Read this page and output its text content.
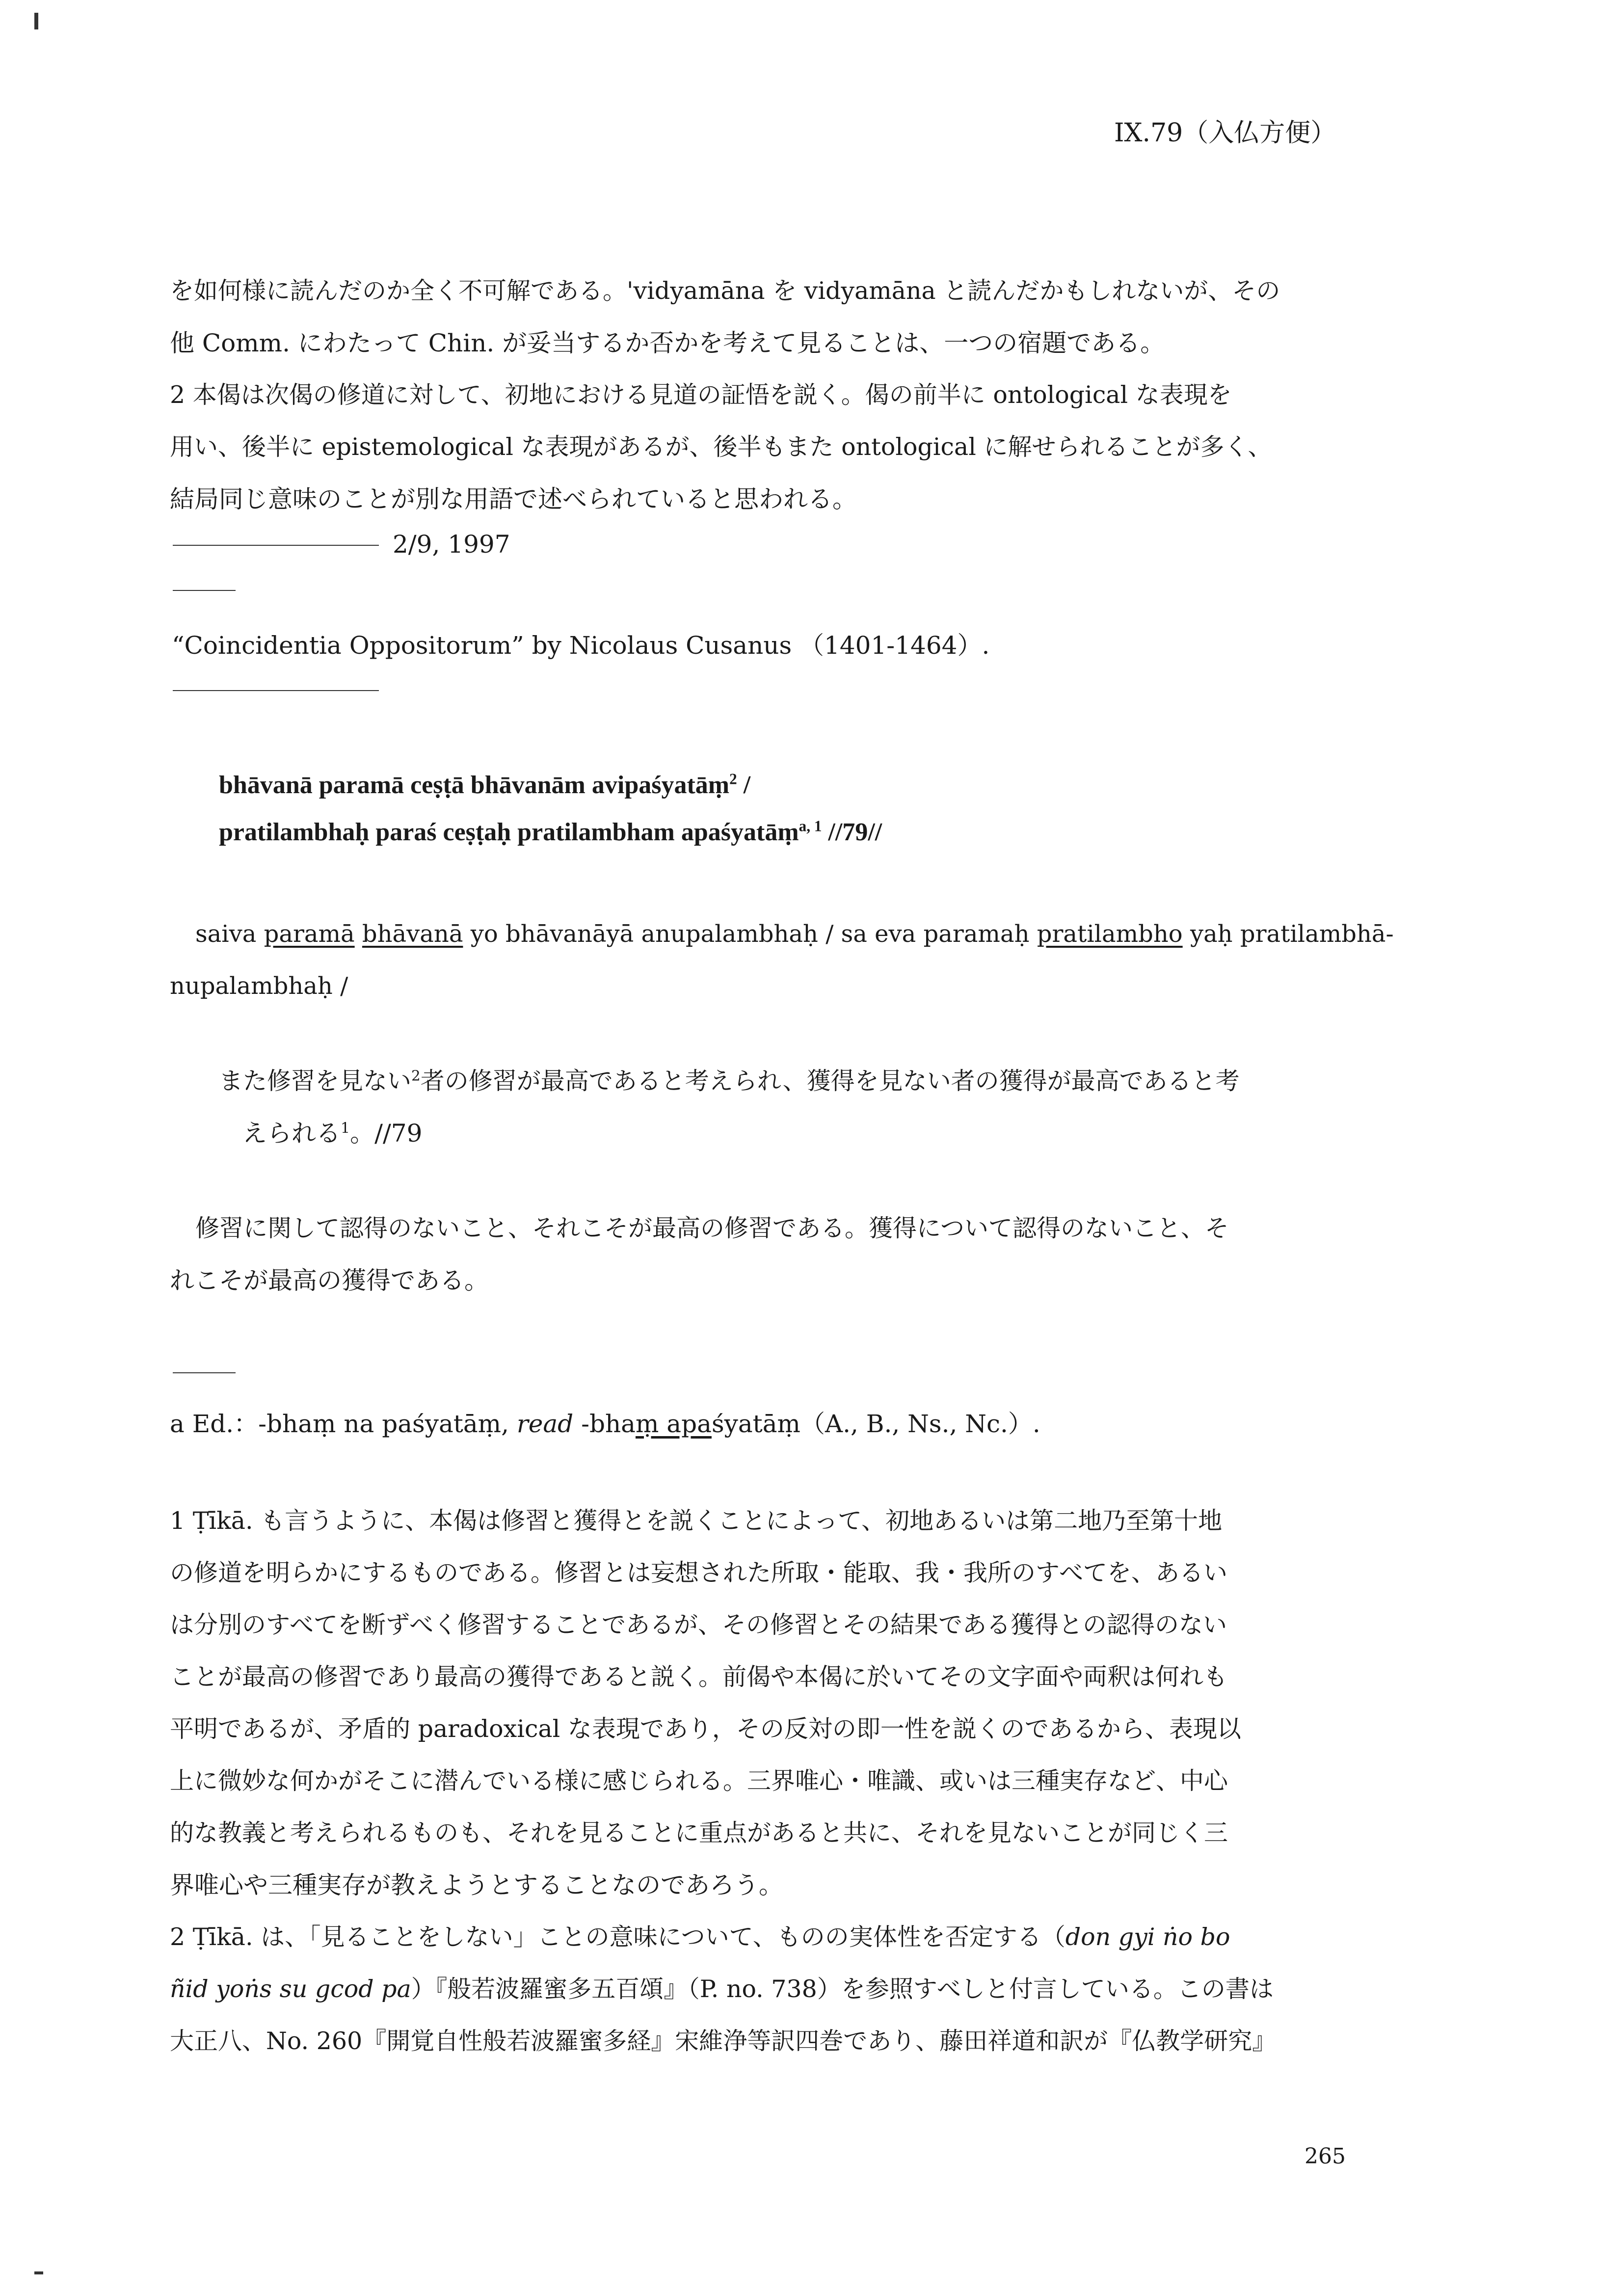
IX.79（入仏方便）
を如何様に読んだのか全く不可解である。'vidyamāna を vidyamāna と読んだかもしれないが、その
他 Comm. にわたって Chin. が妥当するか否かを考えて見ることは、一つの宿題である。
2 本偈は次偈の修道に対して、初地における見道の証悟を説く。偈の前半に ontological な表現を
用い、後半に epistemological な表現があるが、後半もまた ontological に解せられることが多く、
結局同じ意味のことが別な用語で述べられていると思われる。
2/9, 1997
“Coincidentia Oppositorum” by Nicolaus Cusanus （1401-1464）.
bhāvanā paramā ceṣṭā bhāvanām avipaśyatāṃ$^2$ /
pratilambhaḥ paraś ceṣṭaḥ pratilambham apaśyatāṃ$^{a, 1}$ //79//
saiva paramā bhāvanā yo bhāvanāyā anupalambhaḥ / sa eva paramaḥ pratilambho yaḥ pratilambhā-
nupalambhaḥ /
また修習を見ない$^2$者の修習が最高であると考えられ、獲得を見ない者の獲得が最高であると考
えられる$^1$。//79
修習に関して認得のないこと、それこそが最高の修習である。獲得について認得のないこと、そ
れこそが最高の獲得である。
a Ed.：-bhaṃ na paśyatāṃ, read -bhaṃ apaśyatāṃ（A., B., Ns., Nc.）.
1 Ṭīkā. も言うように、本偈は修習と獲得とを説くことによって、初地あるいは第二地乃至第十地
の修道を明らかにするものである。修習とは妄想された所取・能取、我・我所のすべてを、あるい
は分別のすべてを断ずべく修習することであるが、その修習とその結果である獲得との認得のない
ことが最高の修習であり最高の獲得であると説く。前偈や本偈に於いてその文字面や両釈は何れも
平明であるが、矛盾的 paradoxical な表現であり，その反対の即一性を説くのであるから、表現以
上に微妙な何かがそこに潜んでいる様に感じられる。三界唯心・唯識、或いは三種実存など、中心
的な教義と考えられるものも、それを見ることに重点があると共に、それを見ないことが同じく三
界唯心や三種実存が教えようとすることなのであろう。
2 Ṭīkā. は、「見ることをしない」ことの意味について、ものの実体性を否定する（don gyi ṅo bo
ñid yoṅs su gcod pa）『般若波羅蜜多五百頌』（P. no. 738）を参照すべしと付言している。この書は
大正八、No. 260『開覚自性般若波羅蜜多経』宋維浄等訳四巻であり、藤田祥道和訳が『仏教学研究』
265
